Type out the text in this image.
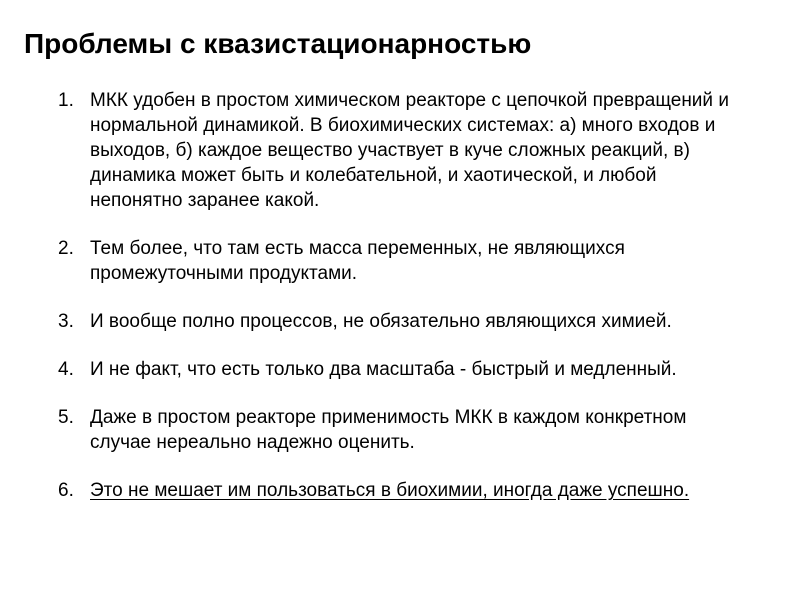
Проблемы с квазистационарностью
1. МКК удобен в простом химическом реакторе с цепочкой превращений и нормальной динамикой. В биохимических системах: а) много входов и выходов, б) каждое вещество участвует в куче сложных реакций, в) динамика может быть и колебательной, и хаотической, и любой непонятно заранее какой.
2. Тем более, что там есть масса переменных, не являющихся промежуточными продуктами.
3. И вообще полно процессов, не обязательно являющихся химией.
4. И не факт, что есть только два масштаба - быстрый и медленный.
5. Даже в простом реакторе применимость МКК в каждом конкретном случае нереально надежно оценить.
6. Это не мешает им пользоваться в биохимии, иногда даже успешно.
